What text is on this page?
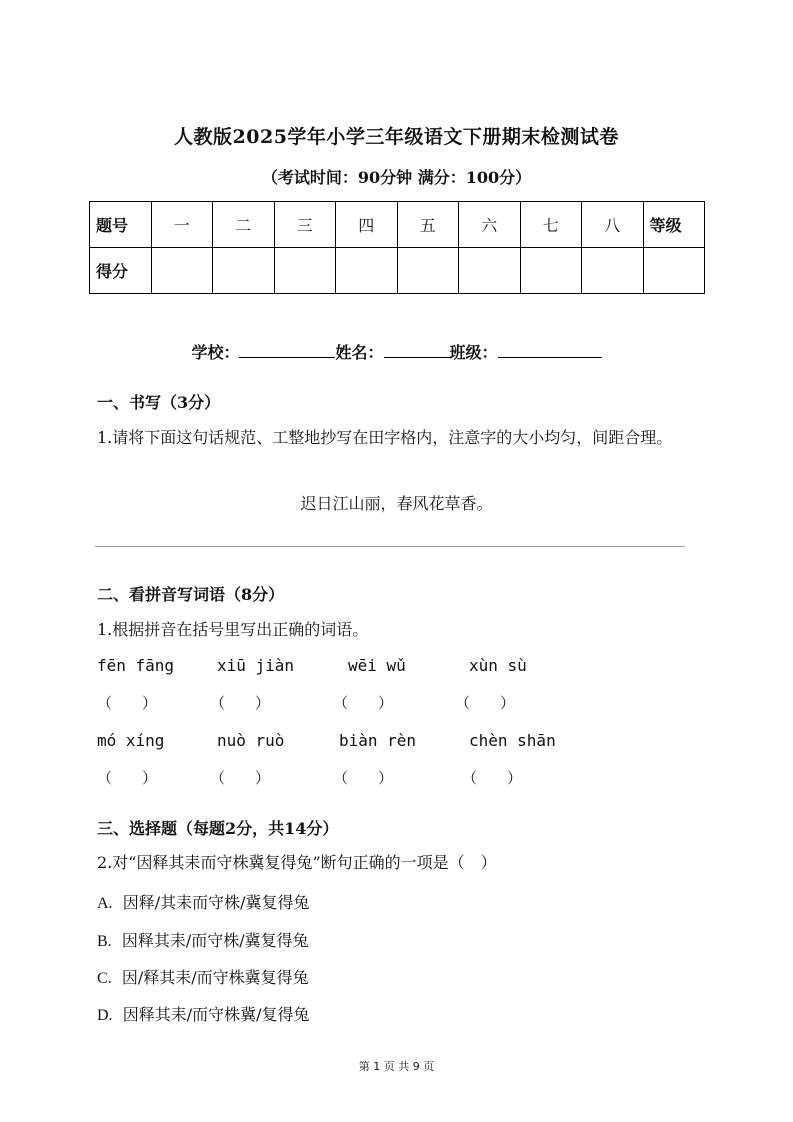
人教版2025学年小学三年级语文下册期末检测试卷
（考试时间：90分钟 满分：100分）
题号	一	二	三	四	五	六	七	八	等级
得分									
学校：	姓名：	班级：
一、书写（3分）
1.请将下面这句话规范、工整地抄写在田字格内，注意字的大小均匀，间距合理。
迟日江山丽，春风花草香。
二、看拼音写词语（8分）
1.根据拼音在括号里写出正确的词语。
fēn fāng	xiū jiàn	wēi wǔ	xùn sù
（　　）	（　　）	（　　）	（　　）
mó xíng	nuò ruò	biàn rèn	chèn shān
（　　）	（　　）	（　　）	（　　）
三、选择题（每题2分，共14分）
2.对“因释其耒而守株冀复得兔”断句正确的一项是（　）
A. 因释/其耒而守株/冀复得兔
B. 因释其耒/而守株/冀复得兔
C. 因/释其耒/而守株冀复得兔
D. 因释其耒/而守株冀/复得兔
第 1 页 共 9 页
